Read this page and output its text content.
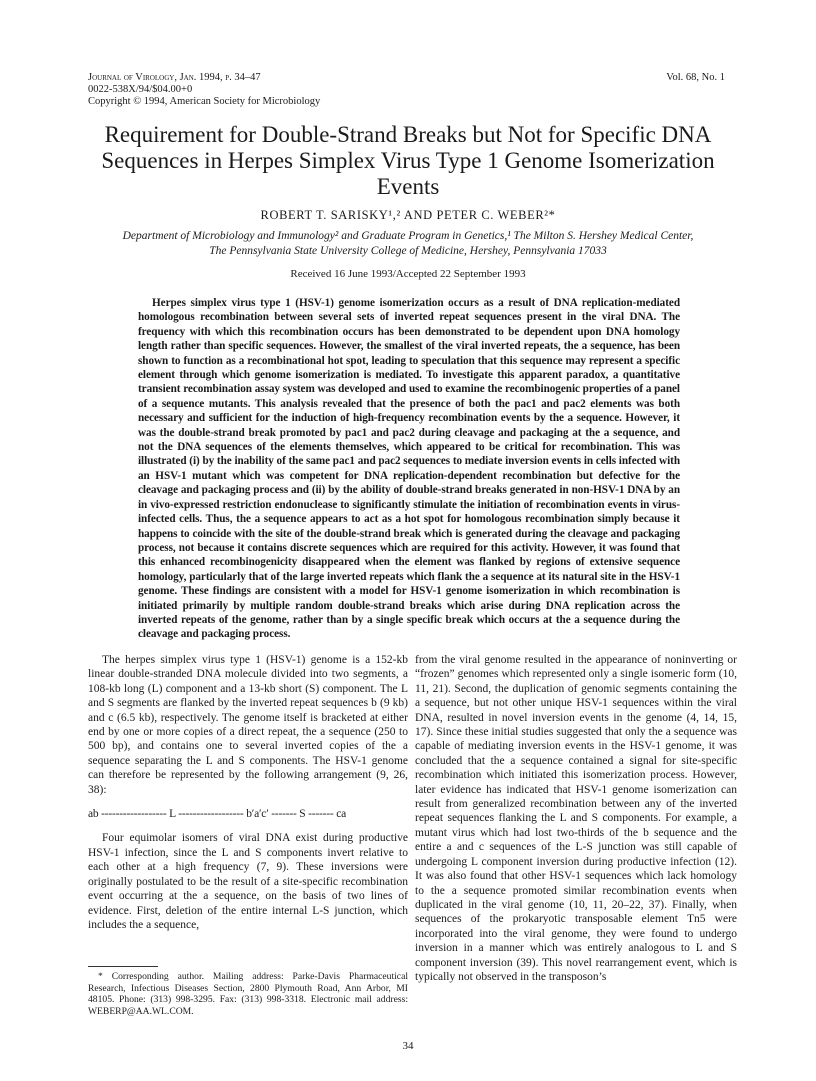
Journal of Virology, Jan. 1994, p. 34–47
0022-538X/94/$04.00+0
Copyright © 1994, American Society for Microbiology
Vol. 68, No. 1
Requirement for Double-Strand Breaks but Not for Specific DNA Sequences in Herpes Simplex Virus Type 1 Genome Isomerization Events
ROBERT T. SARISKY¹,² AND PETER C. WEBER²*
Department of Microbiology and Immunology² and Graduate Program in Genetics,¹ The Milton S. Hershey Medical Center, The Pennsylvania State University College of Medicine, Hershey, Pennsylvania 17033
Received 16 June 1993/Accepted 22 September 1993
Herpes simplex virus type 1 (HSV-1) genome isomerization occurs as a result of DNA replication-mediated homologous recombination between several sets of inverted repeat sequences present in the viral DNA. The frequency with which this recombination occurs has been demonstrated to be dependent upon DNA homology length rather than specific sequences. However, the smallest of the viral inverted repeats, the a sequence, has been shown to function as a recombinational hot spot, leading to speculation that this sequence may represent a specific element through which genome isomerization is mediated. To investigate this apparent paradox, a quantitative transient recombination assay system was developed and used to examine the recombinogenic properties of a panel of a sequence mutants. This analysis revealed that the presence of both the pac1 and pac2 elements was both necessary and sufficient for the induction of high-frequency recombination events by the a sequence. However, it was the double-strand break promoted by pac1 and pac2 during cleavage and packaging at the a sequence, and not the DNA sequences of the elements themselves, which appeared to be critical for recombination. This was illustrated (i) by the inability of the same pac1 and pac2 sequences to mediate inversion events in cells infected with an HSV-1 mutant which was competent for DNA replication-dependent recombination but defective for the cleavage and packaging process and (ii) by the ability of double-strand breaks generated in non-HSV-1 DNA by an in vivo-expressed restriction endonuclease to significantly stimulate the initiation of recombination events in virus-infected cells. Thus, the a sequence appears to act as a hot spot for homologous recombination simply because it happens to coincide with the site of the double-strand break which is generated during the cleavage and packaging process, not because it contains discrete sequences which are required for this activity. However, it was found that this enhanced recombinogenicity disappeared when the element was flanked by regions of extensive sequence homology, particularly that of the large inverted repeats which flank the a sequence at its natural site in the HSV-1 genome. These findings are consistent with a model for HSV-1 genome isomerization in which recombination is initiated primarily by multiple random double-strand breaks which arise during DNA replication across the inverted repeats of the genome, rather than by a single specific break which occurs at the a sequence during the cleavage and packaging process.

The herpes simplex virus type 1 (HSV-1) genome is a 152-kb linear double-stranded DNA molecule divided into two segments, a 108-kb long (L) component and a 13-kb short (S) component. The L and S segments are flanked by the inverted repeat sequences b (9 kb) and c (6.5 kb), respectively. The genome itself is bracketed at either end by one or more copies of a direct repeat, the a sequence (250 to 500 bp), and contains one to several inverted copies of the a sequence separating the L and S components. The HSV-1 genome can therefore be represented by the following arrangement (9, 26, 38):

ab ------------------ L ------------------ b′a′c′ ------- S ------- ca

Four equimolar isomers of viral DNA exist during productive HSV-1 infection, since the L and S components invert relative to each other at a high frequency (7, 9). These inversions were originally postulated to be the result of a site-specific recombination event occurring at the a sequence, on the basis of two lines of evidence. First, deletion of the entire internal L-S junction, which includes the a sequence,

from the viral genome resulted in the appearance of noninverting or “frozen” genomes which represented only a single isomeric form (10, 11, 21). Second, the duplication of genomic segments containing the a sequence, but not other unique HSV-1 sequences within the viral DNA, resulted in novel inversion events in the genome (4, 14, 15, 17). Since these initial studies suggested that only the a sequence was capable of mediating inversion events in the HSV-1 genome, it was concluded that the a sequence contained a signal for site-specific recombination which initiated this isomerization process. However, later evidence has indicated that HSV-1 genome isomerization can result from generalized recombination between any of the inverted repeat sequences flanking the L and S components. For example, a mutant virus which had lost two-thirds of the b sequence and the entire a and c sequences of the L-S junction was still capable of undergoing L component inversion during productive infection (12). It was also found that other HSV-1 sequences which lack homology to the a sequence promoted similar recombination events when duplicated in the viral genome (10, 11, 20–22, 37). Finally, when sequences of the prokaryotic transposable element Tn5 were incorporated into the viral genome, they were found to undergo inversion in a manner which was entirely analogous to L and S component inversion (39). This novel rearrangement event, which is typically not observed in the transposon’s

* Corresponding author. Mailing address: Parke-Davis Pharmaceutical Research, Infectious Diseases Section, 2800 Plymouth Road, Ann Arbor, MI 48105. Phone: (313) 998-3295. Fax: (313) 998-3318. Electronic mail address: WEBERP@AA.WL.COM.
34
